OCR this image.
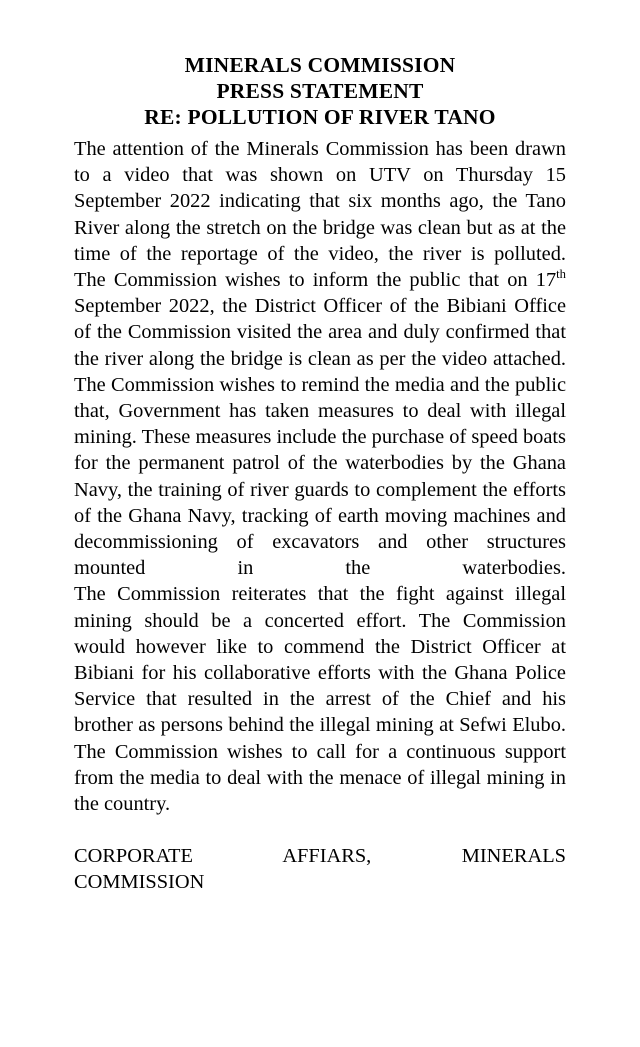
MINERALS COMMISSION
PRESS STATEMENT
RE: POLLUTION OF RIVER TANO

The attention of the Minerals Commission has been drawn to a video that was shown on UTV on Thursday 15 September 2022 indicating that six months ago, the Tano River along the stretch on the bridge was clean but as at the time of the reportage of the video, the river is polluted.

The Commission wishes to inform the public that on 17th September 2022, the District Officer of the Bibiani Office of the Commission visited the area and duly confirmed that the river along the bridge is clean as per the video attached.

The Commission wishes to remind the media and the public that, Government has taken measures to deal with illegal mining. These measures include the purchase of speed boats for the permanent patrol of the waterbodies by the Ghana Navy, the training of river guards to complement the efforts of the Ghana Navy, tracking of earth moving machines and decommissioning of excavators and other structures mounted in the waterbodies.

The Commission reiterates that the fight against illegal mining should be a concerted effort. The Commission would however like to commend the District Officer at Bibiani for his collaborative efforts with the Ghana Police Service that resulted in the arrest of the Chief and his brother as persons behind the illegal mining at Sefwi Elubo.

The Commission wishes to call for a continuous support from the media to deal with the menace of illegal mining in the country.

CORPORATE AFFIARS, MINERALS
COMMISSION
